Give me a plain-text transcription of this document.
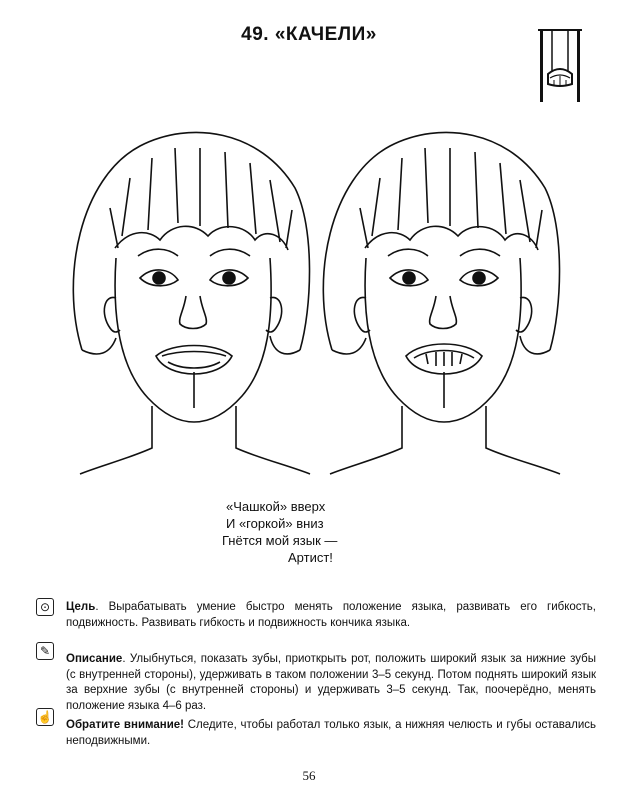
49. «КАЧЕЛИ»
«Чашкой» вверх
И «горкой» вниз
Гнётся мой язык —
Артист!
⊙	Цель. Вырабатывать умение быстро менять положение языка, развивать его гибкость, подвижность. Развивать гибкость и подвижность кончика языка.
✎
Описание. Улыбнуться, показать зубы, приоткрыть рот, положить широкий язык за нижние зубы (с внутренней стороны), удерживать в таком положении 3–5 секунд. Потом поднять широкий язык за верхние зубы (с внутренней стороны) и удерживать 3–5 секунд. Так, поочерёдно, менять положение языка 4–6 раз.
☝
Обратите внимание! Следите, чтобы работал только язык, а нижняя челюсть и губы оставались неподвижными.
56
